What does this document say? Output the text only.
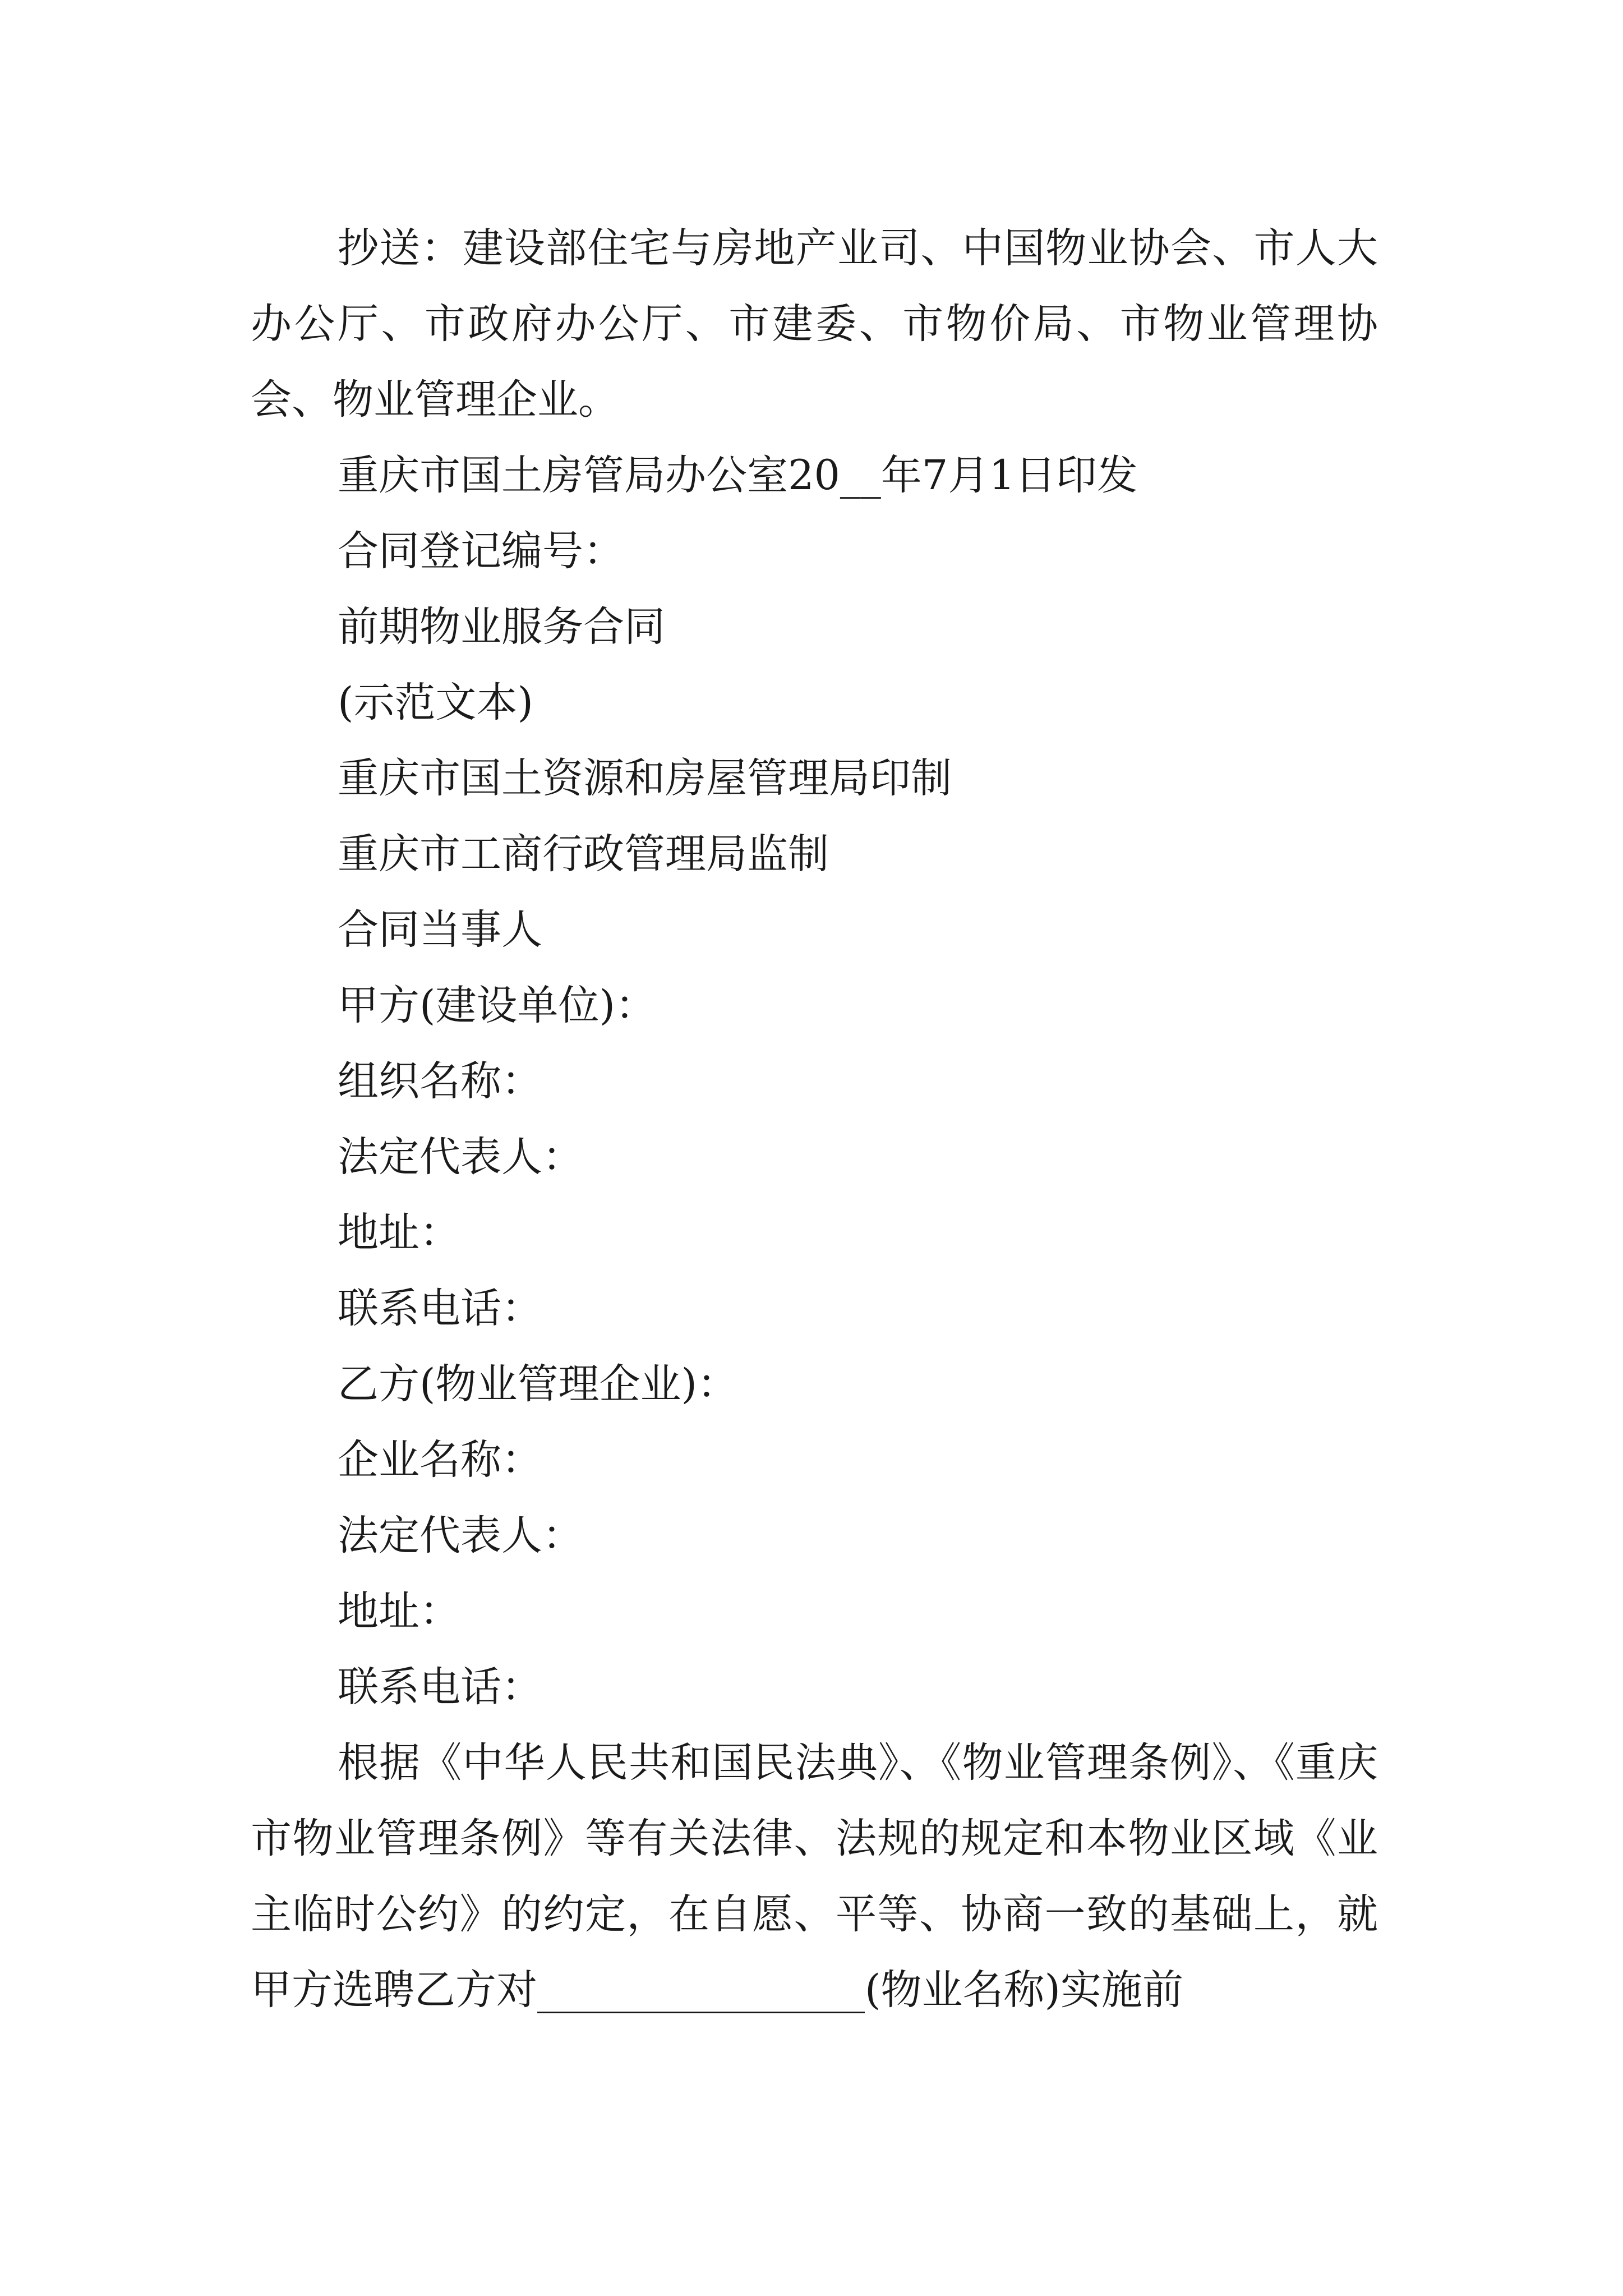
抄送：建设部住宅与房地产业司、中国物业协会、市人大办公厅、市政府办公厅、市建委、市物价局、市物业管理协会、物业管理企业。

重庆市国土房管局办公室20__年7月1日印发

合同登记编号：

前期物业服务合同

(示范文本)

重庆市国土资源和房屋管理局印制

重庆市工商行政管理局监制

合同当事人

甲方(建设单位)：

组织名称：

法定代表人：

地址：

联系电话：

乙方(物业管理企业)：

企业名称：

法定代表人：

地址：

联系电话：

根据《中华人民共和国民法典》、《物业管理条例》、《重庆市物业管理条例》等有关法律、法规的规定和本物业区域《业主临时公约》的约定，在自愿、平等、协商一致的基础上，就甲方选聘乙方对________________(物业名称)实施前
